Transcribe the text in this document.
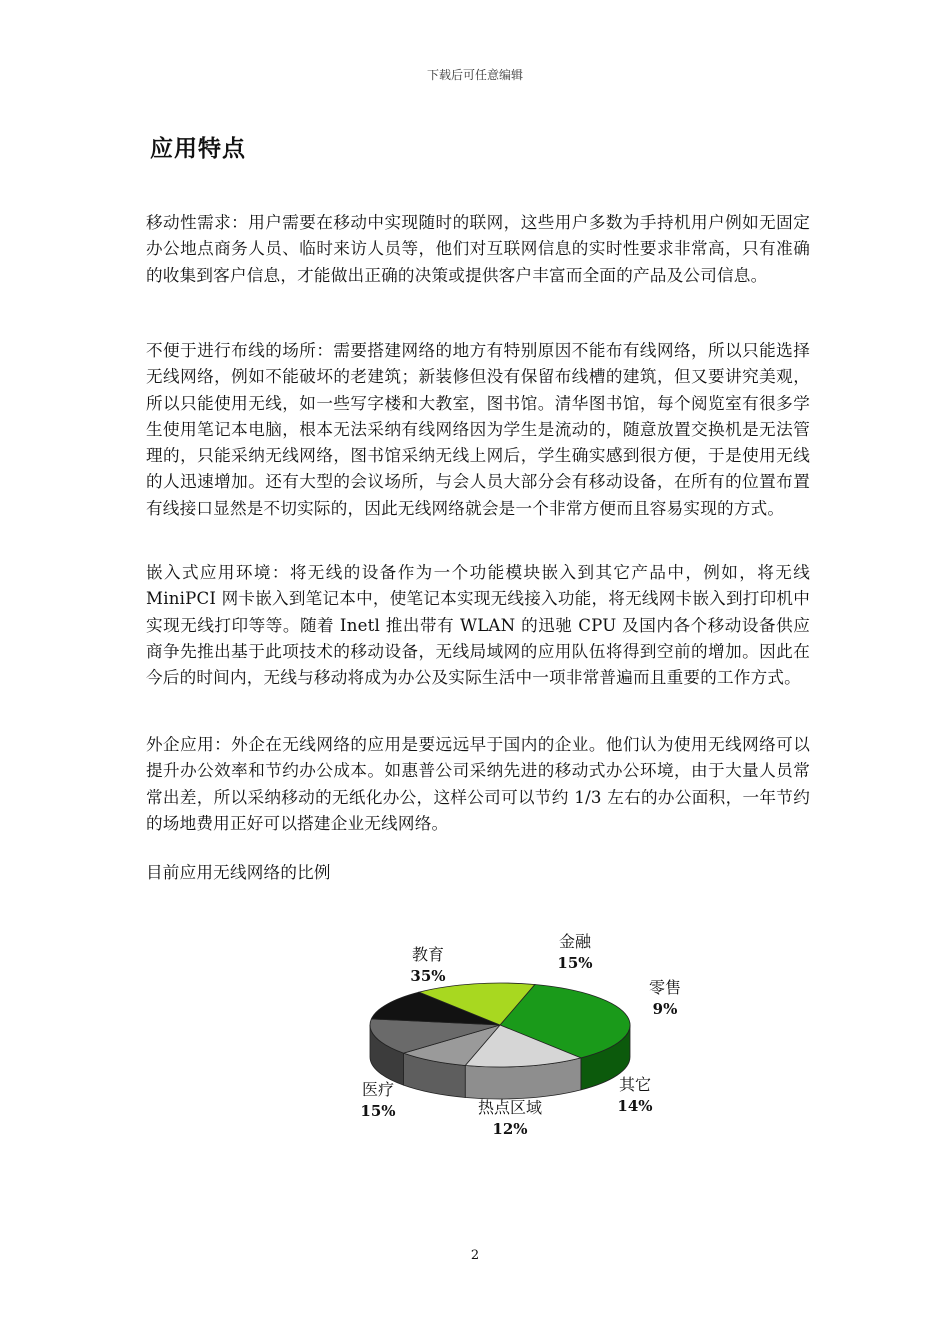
下载后可任意编辑
应用特点

移动性需求：用户需要在移动中实现随时的联网，这些用户多数为手持机用户例如无固定办公地点商务人员、临时来访人员等，他们对互联网信息的实时性要求非常高，只有准确的收集到客户信息，才能做出正确的决策或提供客户丰富而全面的产品及公司信息。

不便于进行布线的场所：需要搭建网络的地方有特别原因不能布有线网络，所以只能选择无线网络，例如不能破坏的老建筑；新装修但没有保留布线槽的建筑，但又要讲究美观，所以只能使用无线，如一些写字楼和大教室，图书馆。清华图书馆，每个阅览室有很多学生使用笔记本电脑，根本无法采纳有线网络因为学生是流动的，随意放置交换机是无法管理的，只能采纳无线网络，图书馆采纳无线上网后，学生确实感到很方便，于是使用无线的人迅速增加。还有大型的会议场所，与会人员大部分会有移动设备，在所有的位置布置有线接口显然是不切实际的，因此无线网络就会是一个非常方便而且容易实现的方式。

嵌入式应用环境：将无线的设备作为一个功能模块嵌入到其它产品中，例如，将无线 MiniPCI 网卡嵌入到笔记本中，使笔记本实现无线接入功能，将无线网卡嵌入到打印机中实现无线打印等等。随着 Inetl 推出带有 WLAN 的迅驰 CPU 及国内各个移动设备供应商争先推出基于此项技术的移动设备，无线局域网的应用队伍将得到空前的增加。因此在今后的时间内，无线与移动将成为办公及实际生活中一项非常普遍而且重要的工作方式。

外企应用：外企在无线网络的应用是要远远早于国内的企业。他们认为使用无线网络可以提升办公效率和节约办公成本。如惠普公司采纳先进的移动式办公环境，由于大量人员常常出差，所以采纳移动的无纸化办公，这样公司可以节约 1/3 左右的办公面积，一年节约的场地费用正好可以搭建企业无线网络。

目前应用无线网络的比例

教育
35%
金融
15%
零售
9%
其它
14%
热点区域
12%
医疗
15%
2
